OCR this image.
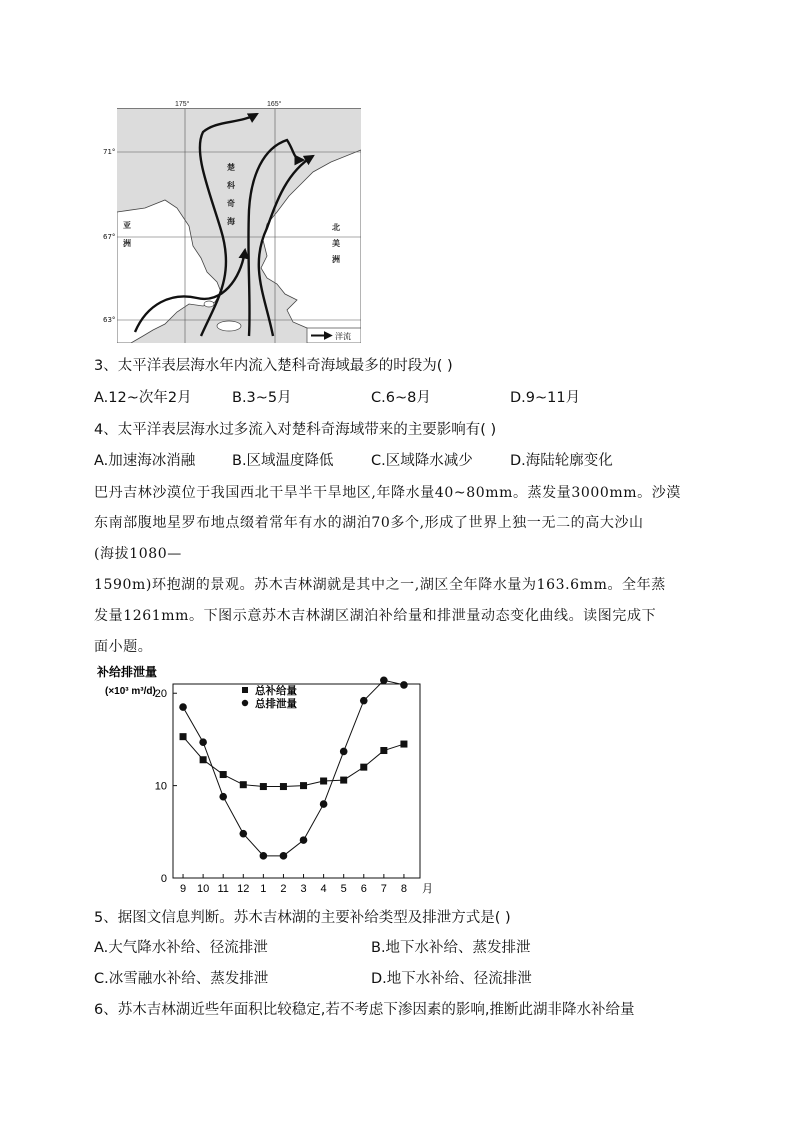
175°	165°
楚
科
奇
海
亚
洲
北
美
洲
洋流
71°
67°
63°
3、太平洋表层海水年内流入楚科奇海域最多的时段为( )
A.12~次年2月	B.3~5月	C.6~8月	D.9~11月
4、太平洋表层海水过多流入对楚科奇海域带来的主要影响有( )
A.加速海冰消融	B.区域温度降低	C.区域降水减少	D.海陆轮廓变化
巴丹吉林沙漠位于我国西北干旱半干旱地区,年降水量40~80mm。蒸发量3000mm。沙漠
东南部腹地星罗布地点缀着常年有水的湖泊70多个,形成了世界上独一无二的高大沙山
(海拔1080—
1590m)环抱湖的景观。苏木吉林湖就是其中之一,湖区全年降水量为163.6mm。全年蒸
发量1261mm。下图示意苏木吉林湖区湖泊补给量和排泄量动态变化曲线。读图完成下
面小题。
补给排泄量
(×10³ m³/d)
0
10
20
9 10 11 12 1 2 3 4 5 6 7 8 月
总补给量
总排泄量
5、据图文信息判断。苏木吉林湖的主要补给类型及排泄方式是( )
A.大气降水补给、径流排泄	B.地下水补给、蒸发排泄
C.冰雪融水补给、蒸发排泄	D.地下水补给、径流排泄
6、苏木吉林湖近些年面积比较稳定,若不考虑下渗因素的影响,推断此湖非降水补给量
